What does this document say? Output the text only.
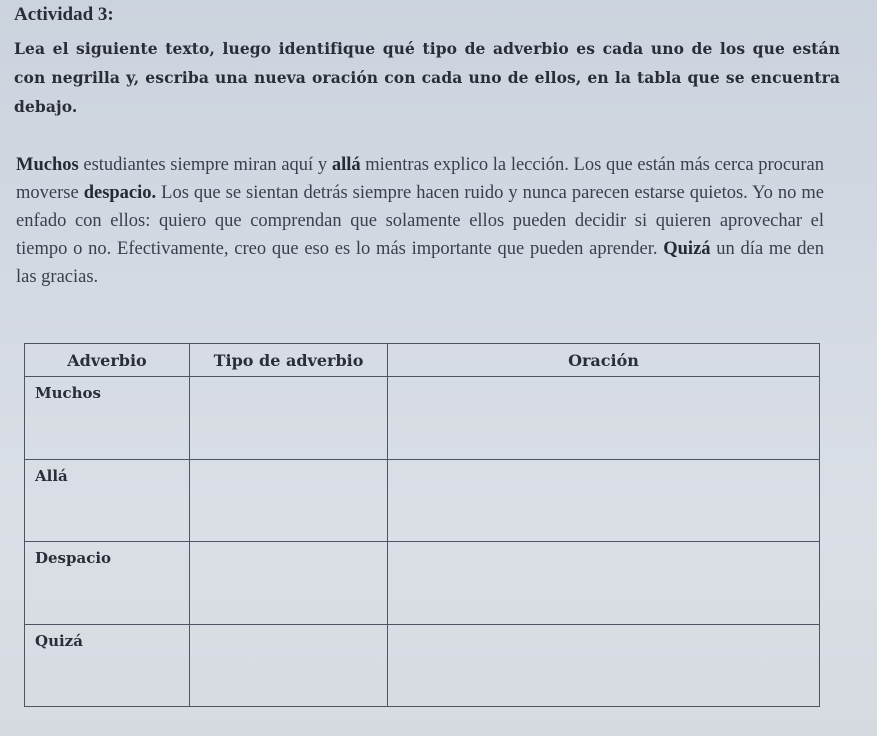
Actividad 3:
Lea el siguiente texto, luego identifique qué tipo de adverbio es cada uno de los que están con negrilla y, escriba una nueva oración con cada uno de ellos, en la tabla que se encuentra debajo.
Muchos estudiantes siempre miran aquí y allá mientras explico la lección. Los que están más cerca procuran moverse despacio. Los que se sientan detrás siempre hacen ruido y nunca parecen estarse quietos. Yo no me enfado con ellos: quiero que comprendan que solamente ellos pueden decidir si quieren aprovechar el tiempo o no. Efectivamente, creo que eso es lo más importante que pueden aprender. Quizá un día me den las gracias.
Adverbio	Tipo de adverbio	Oración
Muchos		
Allá		
Despacio		
Quizá		
